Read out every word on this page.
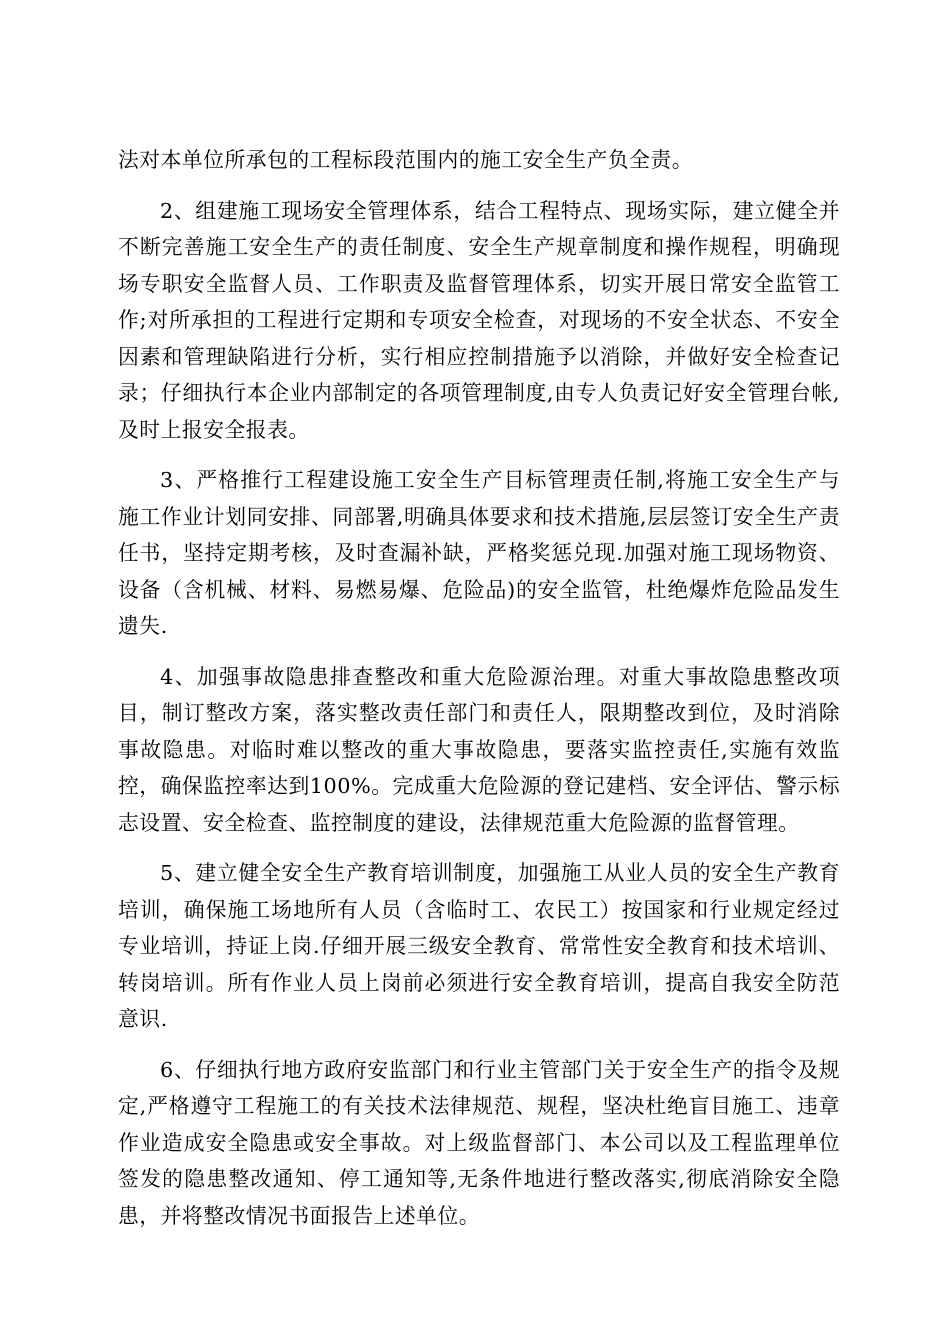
法对本单位所承包的工程标段范围内的施工安全生产负全责。

2、组建施工现场安全管理体系，结合工程特点、现场实际，建立健全并不断完善施工安全生产的责任制度、安全生产规章制度和操作规程，明确现场专职安全监督人员、工作职责及监督管理体系，切实开展日常安全监管工作;对所承担的工程进行定期和专项安全检查，对现场的不安全状态、不安全因素和管理缺陷进行分析，实行相应控制措施予以消除，并做好安全检查记录；仔细执行本企业内部制定的各项管理制度,由专人负责记好安全管理台帐,及时上报安全报表。

3、严格推行工程建设施工安全生产目标管理责任制,将施工安全生产与施工作业计划同安排、同部署,明确具体要求和技术措施,层层签订安全生产责任书，坚持定期考核，及时查漏补缺，严格奖惩兑现.加强对施工现场物资、设备（含机械、材料、易燃易爆、危险品)的安全监管，杜绝爆炸危险品发生遗失.

4、加强事故隐患排查整改和重大危险源治理。对重大事故隐患整改项目，制订整改方案，落实整改责任部门和责任人，限期整改到位，及时消除事故隐患。对临时难以整改的重大事故隐患，要落实监控责任,实施有效监控，确保监控率达到100%。完成重大危险源的登记建档、安全评估、警示标志设置、安全检查、监控制度的建设，法律规范重大危险源的监督管理。

5、建立健全安全生产教育培训制度，加强施工从业人员的安全生产教育培训，确保施工场地所有人员（含临时工、农民工）按国家和行业规定经过专业培训，持证上岗.仔细开展三级安全教育、常常性安全教育和技术培训、转岗培训。所有作业人员上岗前必须进行安全教育培训，提高自我安全防范意识.

6、仔细执行地方政府安监部门和行业主管部门关于安全生产的指令及规定,严格遵守工程施工的有关技术法律规范、规程，坚决杜绝盲目施工、违章作业造成安全隐患或安全事故。对上级监督部门、本公司以及工程监理单位签发的隐患整改通知、停工通知等,无条件地进行整改落实,彻底消除安全隐患，并将整改情况书面报告上述单位。
